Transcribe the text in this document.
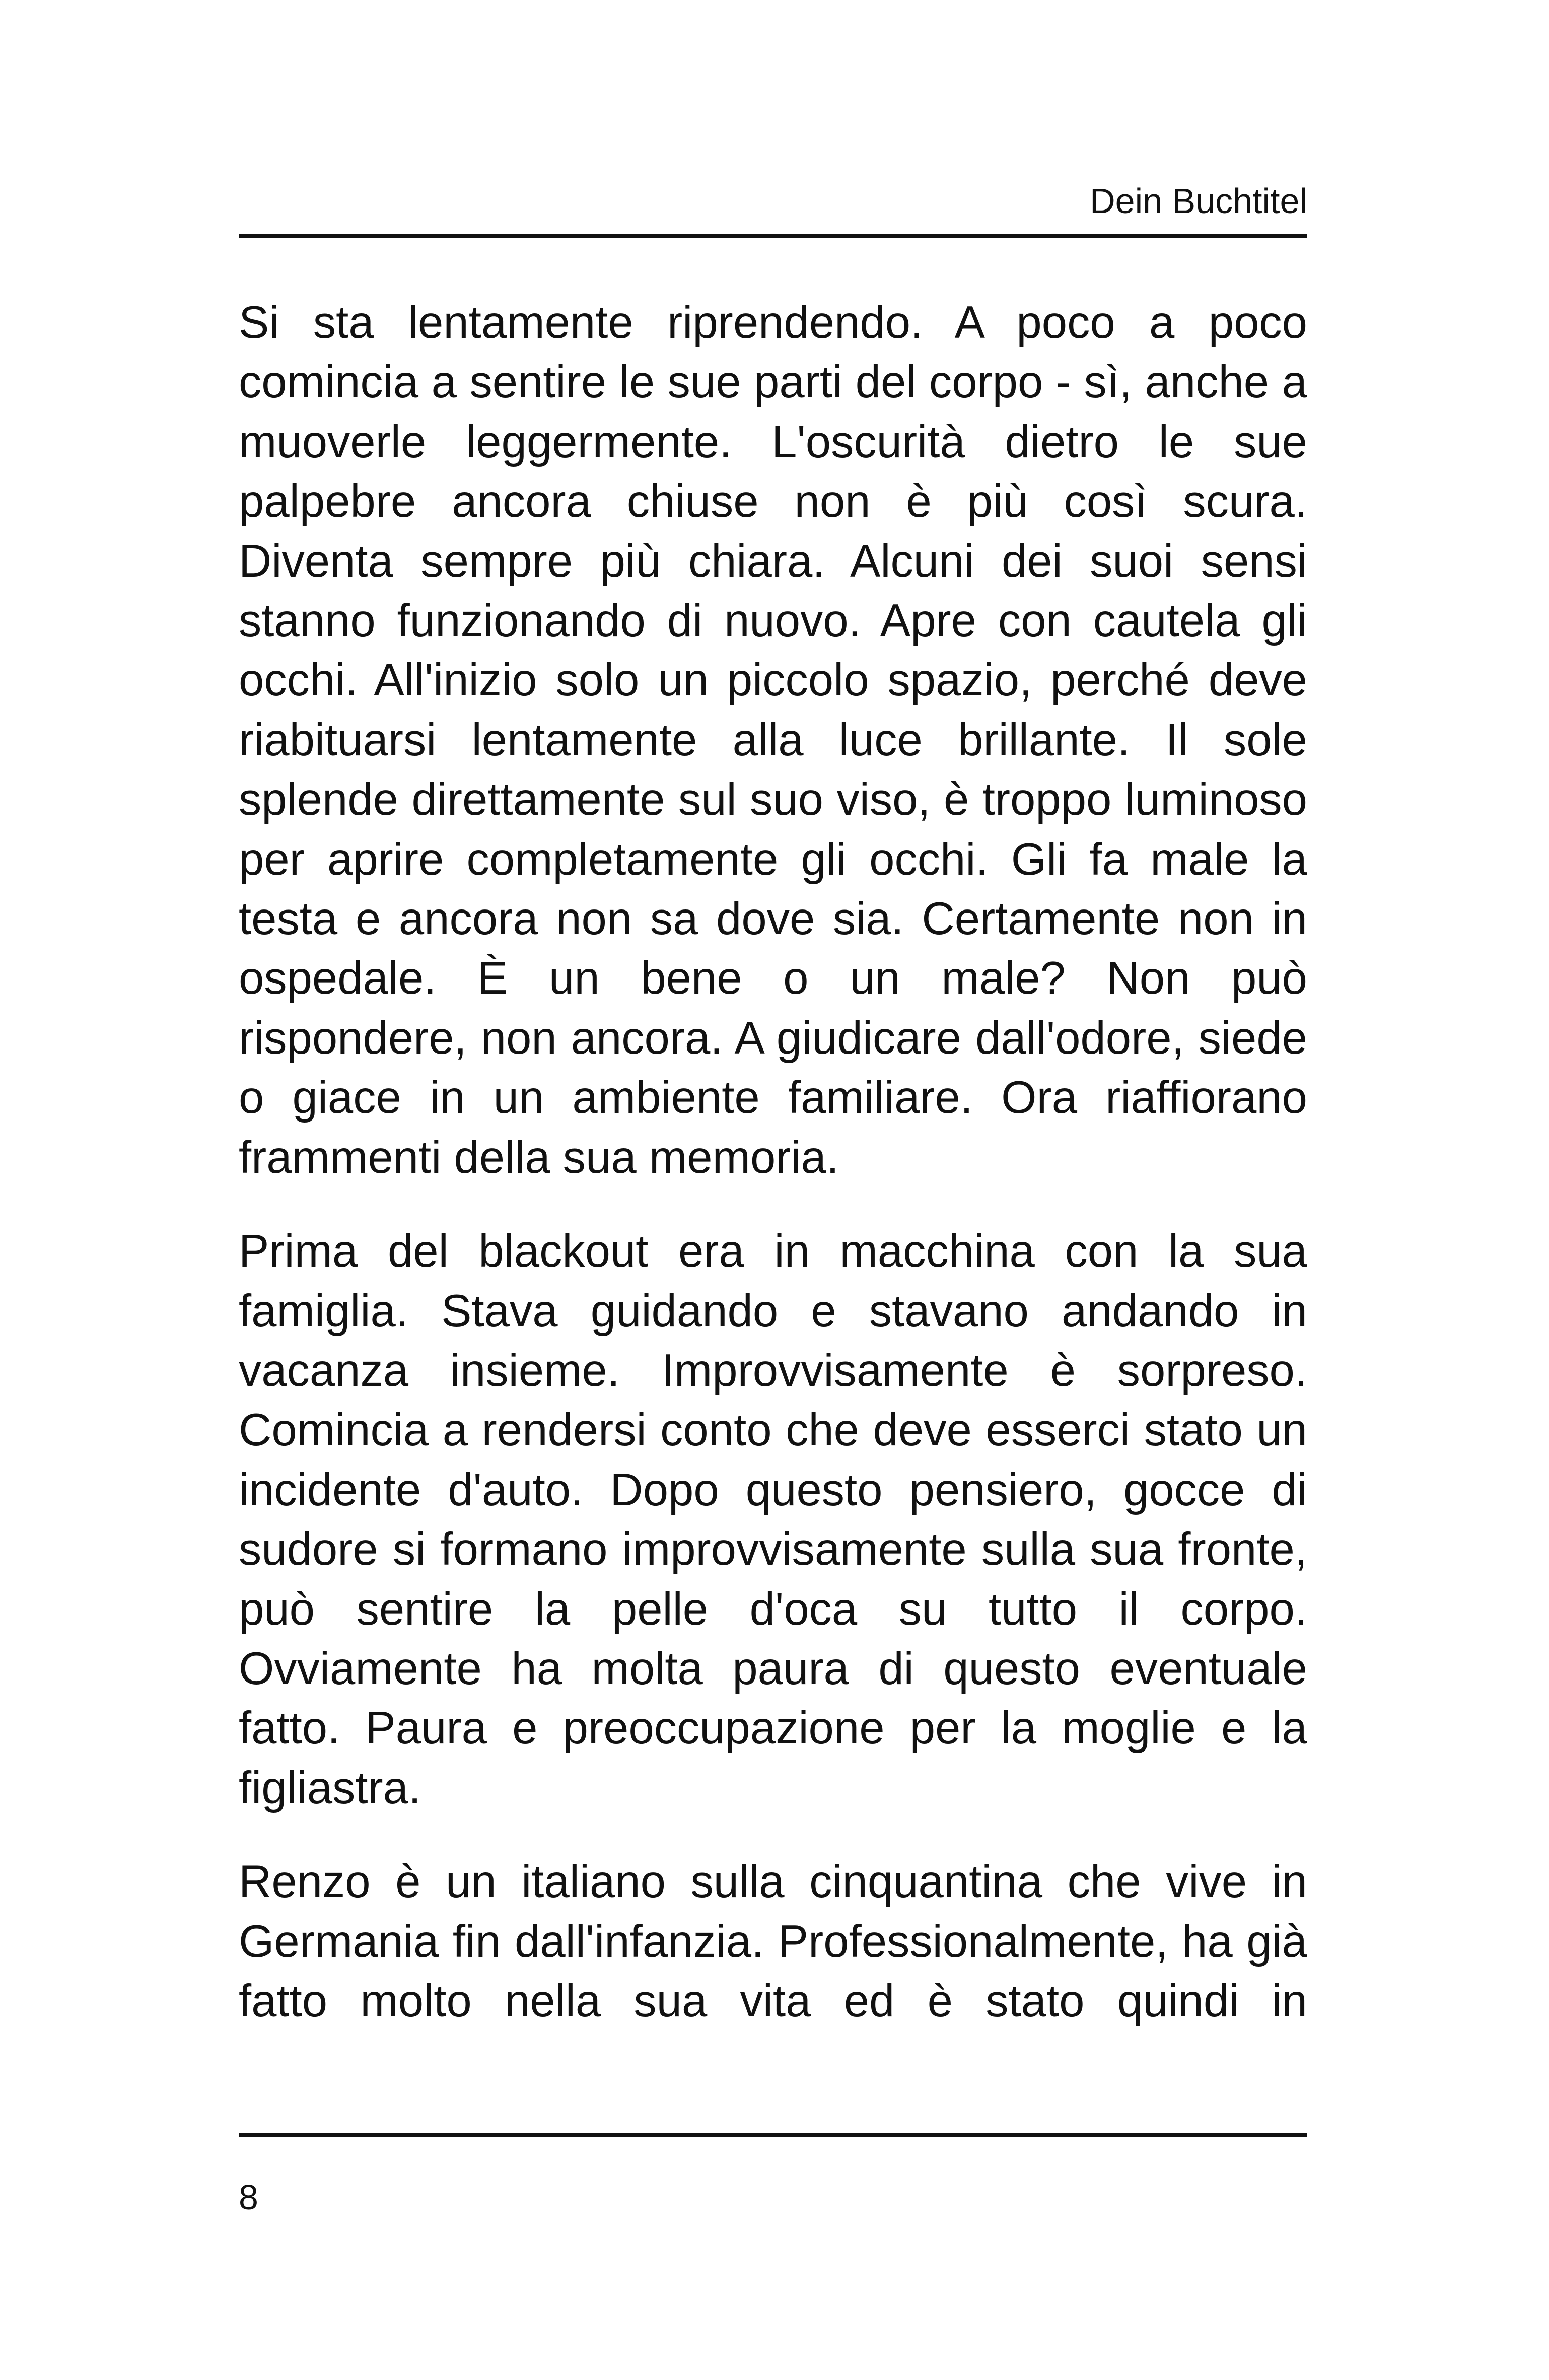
Dein Buchtitel

Si sta lentamente riprendendo. A poco a poco comincia a sentire le sue parti del corpo - sì, anche a muoverle leggermente. L'oscurità dietro le sue palpebre ancora chiuse non è più così scura. Diventa sempre più chiara. Alcuni dei suoi sensi stanno funzionando di nuovo. Apre con cautela gli occhi. All'inizio solo un piccolo spazio, perché deve riabituarsi lentamente alla luce brillante. Il sole splende direttamente sul suo viso, è troppo luminoso per aprire completamente gli occhi. Gli fa male la testa e ancora non sa dove sia. Certamente non in ospedale. È un bene o un male? Non può rispondere, non ancora. A giudicare dall'odore, siede o giace in un ambiente familiare. Ora riaffiorano frammenti della sua memoria.

Prima del blackout era in macchina con la sua famiglia. Stava guidando e stavano andando in vacanza insieme. Improvvisamente è sorpreso. Comincia a rendersi conto che deve esserci stato un incidente d'auto. Dopo questo pensiero, gocce di sudore si formano improvvisamente sulla sua fronte, può sentire la pelle d'oca su tutto il corpo. Ovviamente ha molta paura di questo eventuale fatto. Paura e preoccupazione per la moglie e la figliastra.

Renzo è un italiano sulla cinquantina che vive in Germania fin dall'infanzia. Professionalmente, ha già fatto molto nella sua vita ed è stato quindi in

8
